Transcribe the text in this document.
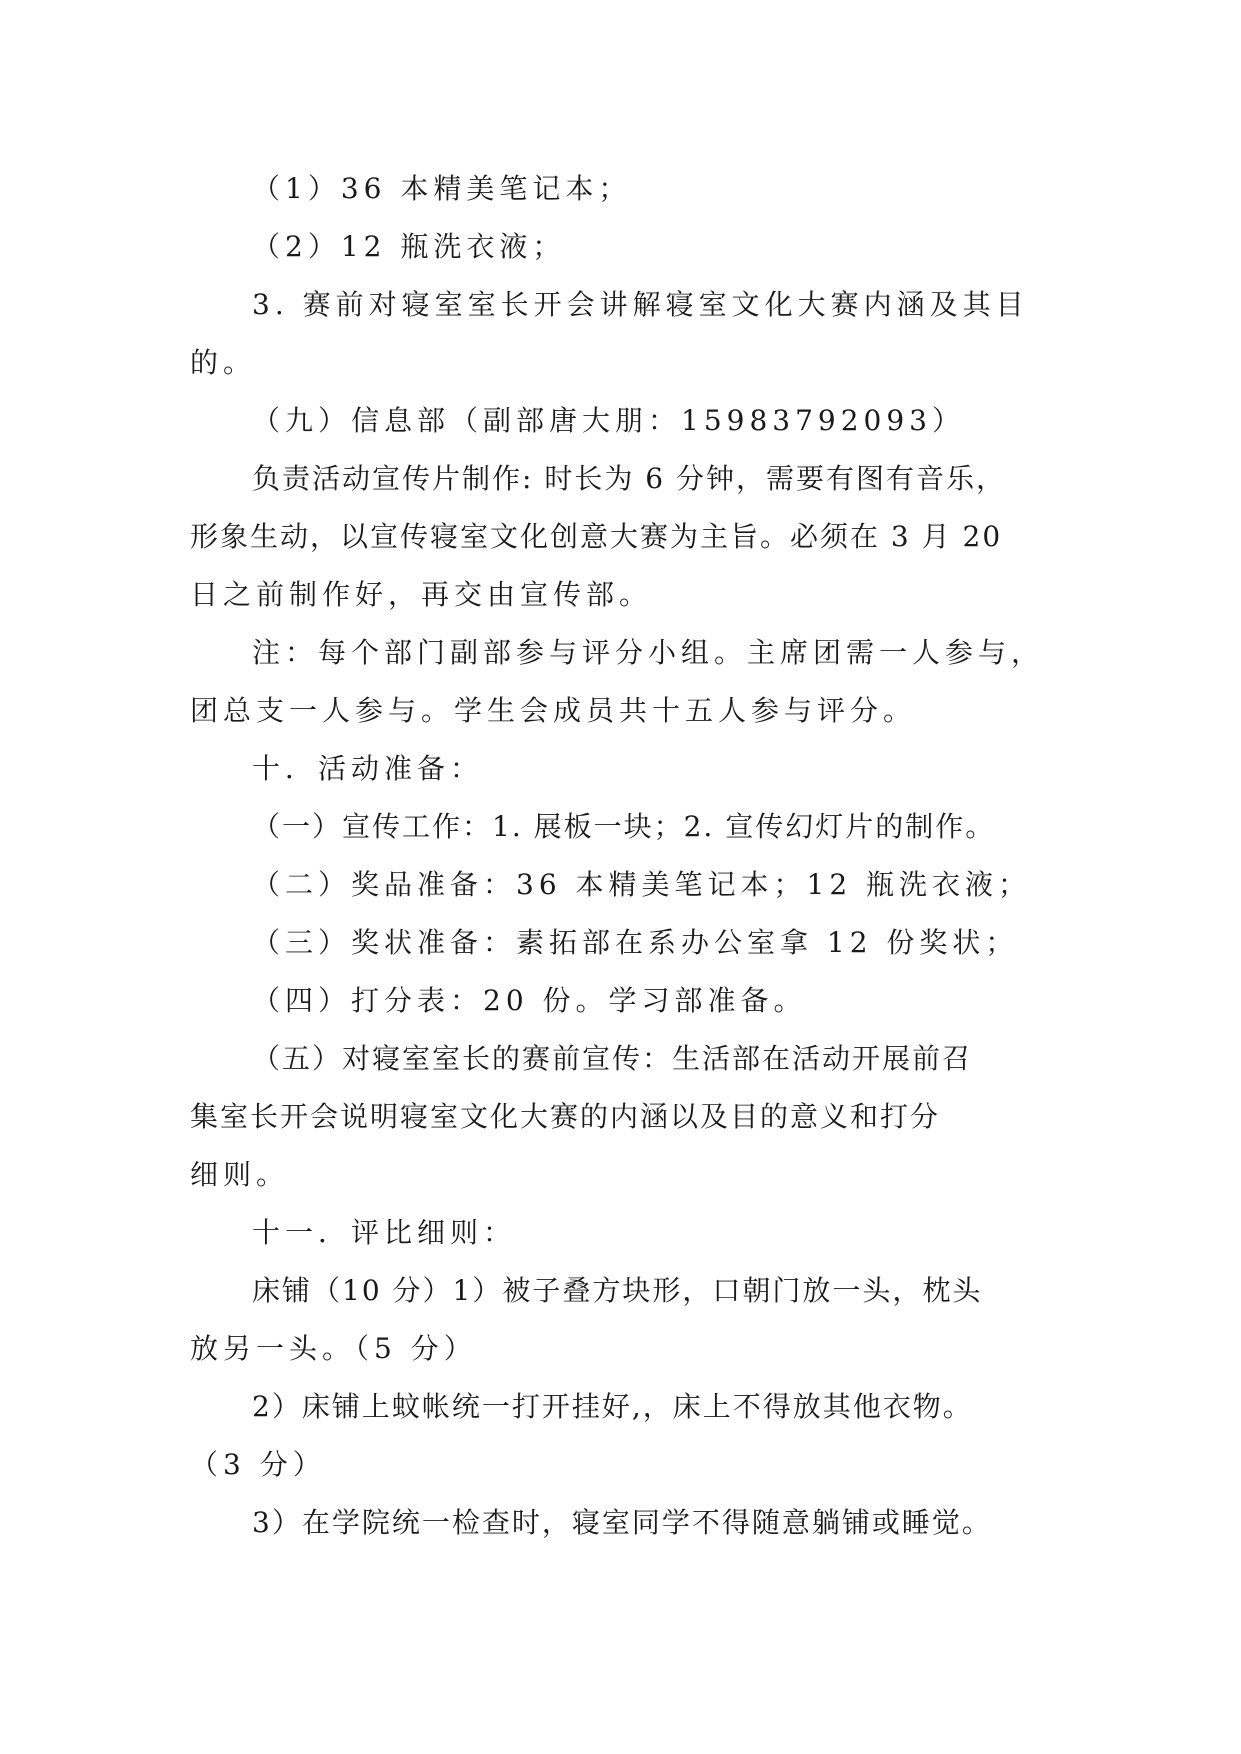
（1）36 本精美笔记本；
（2）12 瓶洗衣液；
3. 赛前对寝室室长开会讲解寝室文化大赛内涵及其目
的。
（九）信息部（副部唐大朋：15983792093）
负责活动宣传片制作: 时长为 6 分钟，需要有图有音乐，
形象生动，以宣传寝室文化创意大赛为主旨。必须在 3 月 20
日之前制作好，再交由宣传部。
注：每个部门副部参与评分小组。主席团需一人参与，
团总支一人参与。学生会成员共十五人参与评分。
十．活动准备：
（一）宣传工作：1. 展板一块；2. 宣传幻灯片的制作。
（二）奖品准备：36 本精美笔记本；12 瓶洗衣液；
（三）奖状准备：素拓部在系办公室拿 12 份奖状；
（四）打分表：20 份。学习部准备。
（五）对寝室室长的赛前宣传：生活部在活动开展前召
集室长开会说明寝室文化大赛的内涵以及目的意义和打分
细则。
十一．评比细则：
床铺（10 分）1）被子叠方块形，口朝门放一头，枕头
放另一头。（5 分）
2）床铺上蚊帐统一打开挂好,，床上不得放其他衣物。
（3 分）
3）在学院统一检查时，寝室同学不得随意躺铺或睡觉。
